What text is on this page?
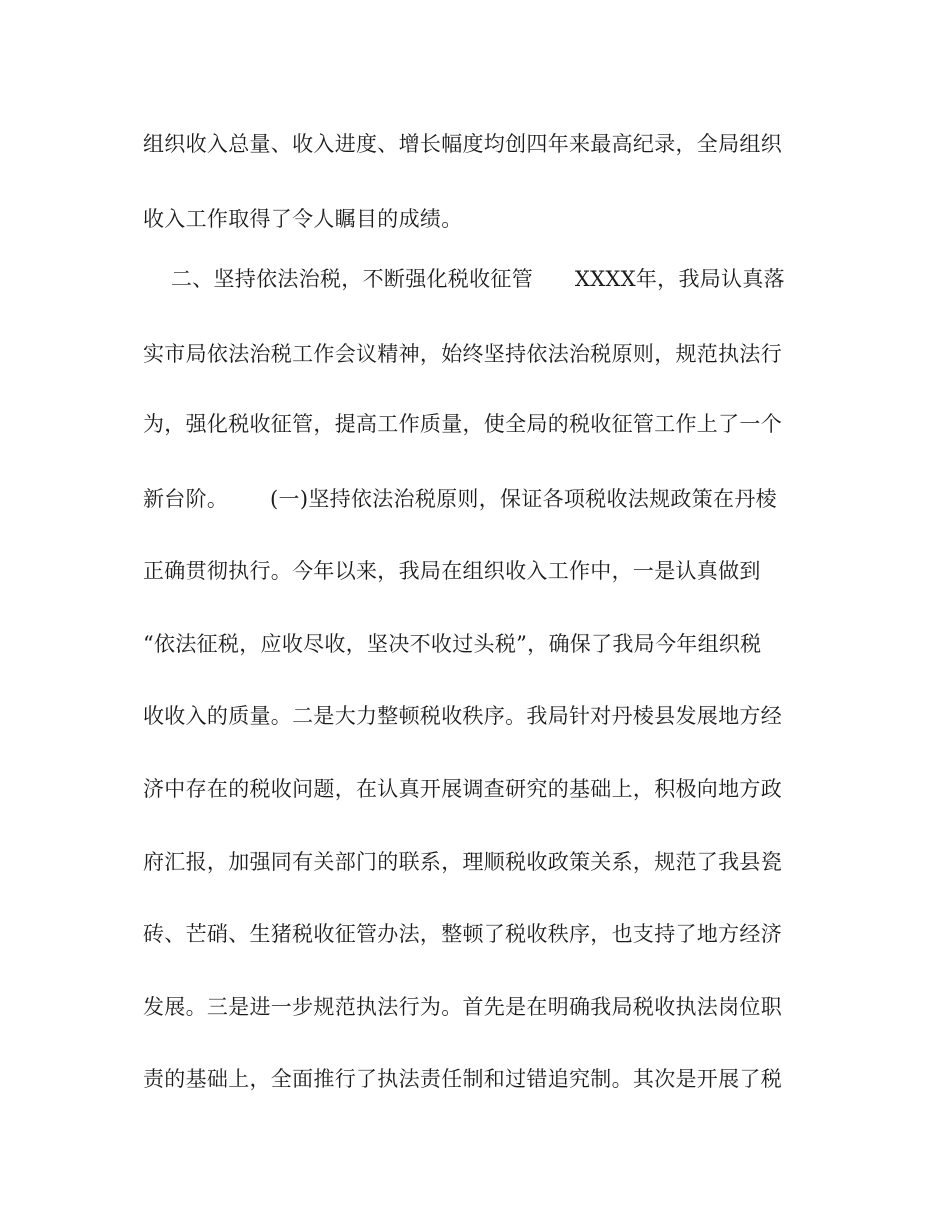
组织收入总量、收入进度、增长幅度均创四年来最高纪录，全局组织
收入工作取得了令人瞩目的成绩。
二、坚持依法治税，不断强化税收征管      XXXX年，我局认真落
实市局依法治税工作会议精神，始终坚持依法治税原则，规范执法行
为，强化税收征管，提高工作质量，使全局的税收征管工作上了一个
新台阶。      (一)坚持依法治税原则，保证各项税收法规政策在丹棱
正确贯彻执行。今年以来，我局在组织收入工作中，一是认真做到
“依法征税，应收尽收，坚决不收过头税”，确保了我局今年组织税
收收入的质量。二是大力整顿税收秩序。我局针对丹棱县发展地方经
济中存在的税收问题，在认真开展调查研究的基础上，积极向地方政
府汇报，加强同有关部门的联系，理顺税收政策关系，规范了我县瓷
砖、芒硝、生猪税收征管办法，整顿了税收秩序，也支持了地方经济
发展。三是进一步规范执法行为。首先是在明确我局税收执法岗位职
责的基础上，全面推行了执法责任制和过错追究制。其次是开展了税
